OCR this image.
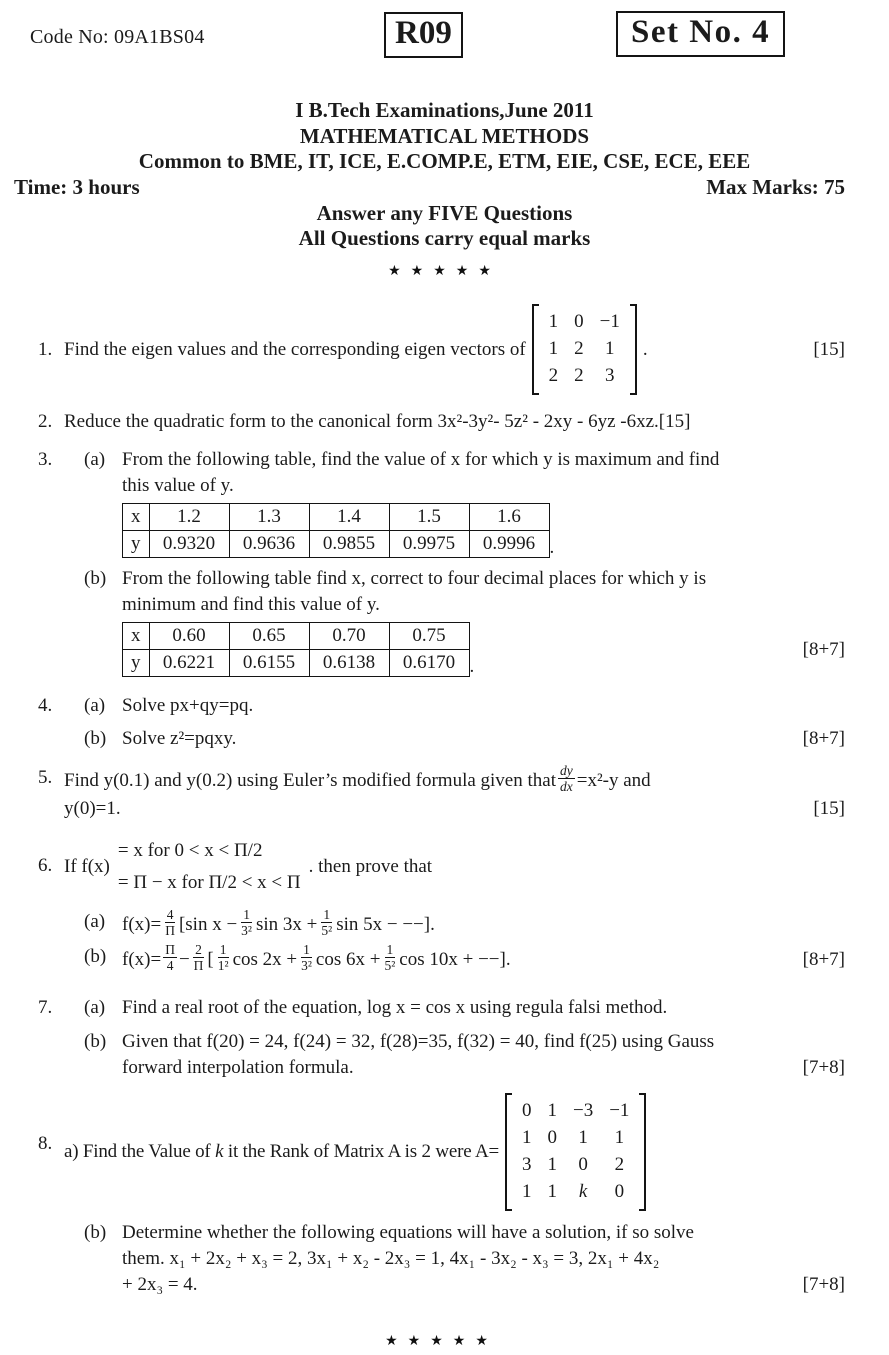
Code No: 09A1BS04	R09	Set No. 4
I B.Tech Examinations,June 2011
MATHEMATICAL METHODS
Common to BME, IT, ICE, E.COMP.E, ETM, EIE, CSE, ECE, EEE
Time: 3 hours	Max Marks: 75
Answer any FIVE Questions
All Questions carry equal marks
★★★★★
1. Find the eigen values and the corresponding eigen vectors of
1 0 −1
1 2 1
2 2 3
.	[15]
2. Reduce the quadratic form to the canonical form 3x²-3y²- 5z² - 2xy - 6yz -6xz.[15]
3.	(a) From the following table, find the value of x for which y is maximum and find
this value of y.
x	1.2	1.3	1.4	1.5	1.6
y	0.9320	0.9636	0.9855	0.9975	0.9996 .
(b) From the following table find x, correct to four decimal places for which y is
minimum and find this value of y.
x	0.60	0.65	0.70	0.75
y	0.6221	0.6155	0.6138	0.6170 .
[8+7]
4.	(a) Solve px+qy=pq.
(b) Solve z²=pqxy.	[8+7]
5. Find y(0.1) and y(0.2) using Euler’s modified formula given that $\frac{dy}{dx} =x^2-y$ and
y(0)=1.	[15]
6. If f(x)
= x for 0 < x < Π/2
= Π − x for Π/2 < x < Π
. then prove that
(a) $f(x)= \frac{4}{\Pi} [\sin$ $x - \frac{1}{\text{3²}}$ $\sin 3x + \frac{1}{\text{5²}}$ sin 5x − −−].
(b) $f(x)= \frac{\Pi}{4} - \frac{2}{\Pi}$ [ $\frac{1}{\text{1²}}$ $\cos 2x + \frac{1}{\text{3²}}$ $\cos 6x + \frac{1}{\text{5²}}$ cos 10x + −−].	[8+7]
7.	(a) Find a real root of the equation, log x = cos x using regula falsi method.
(b) Given that f(20) = 24, f(24) = 32, f(28)=35, f(32) = 40, find f(25) using Gauss
forward interpolation formula.	[7+8]
8. a) Find the Value of k it the Rank of Matrix A is 2 were A=
0 1 −3 −1
1 0 1 1
3 1 0 2
1 1 k 0
(b) Determine whether the following equations will have a solution, if so solve
them. x₁ + 2x₂ + x₃ = 2, 3x₁ + x₂ - 2x₃ = 1, 4x₁ - 3x₂ - x₃ = 3, 2x₁ + 4x₂
+ 2x₃ = 4.	[7+8]
★★★★★
